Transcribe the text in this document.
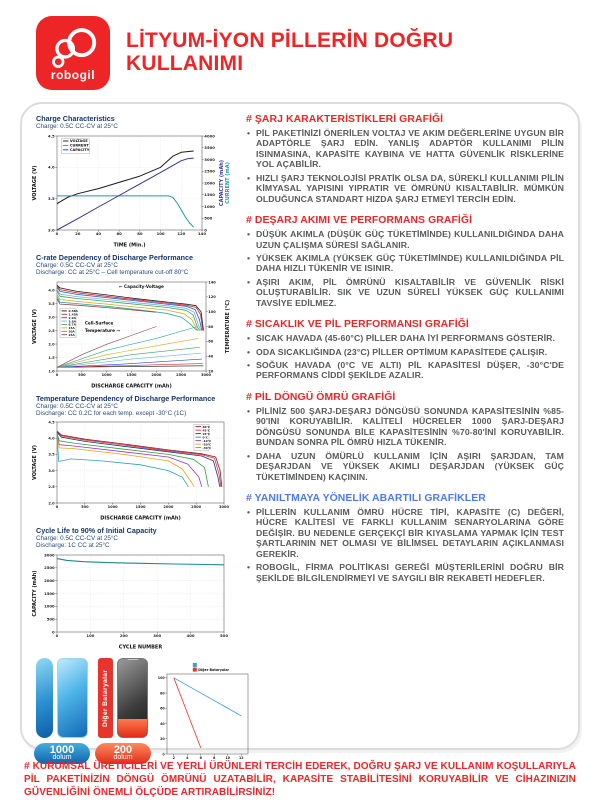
robogil
LİTYUM-İYON PİLLERİN DOĞRU
KULLANIMI
Charge Characteristics
Charge: 0.5C CC-CV at 25°C
0	20	40	60	80	100	120	140
3.0
3.5
4.0
4.5
0
500
1000
1500
2000
2500
3000
3500
4000
TIME (Min.)
VOLTAGE (V)	CAPACITY (mAh) CURRENT (mA)
VOLTAGE
CURRENT
CAPACITY
C-rate Dependency of Discharge Performance
Charge: 0.5C CC-CV at 25°C
Discharge: CC at 25°C – Cell temperature cut-off 80°C
0	500	1000	1500	2000	2500	3000
1.0
1.5
2.0
2.5
3.0
3.5
4.0
20
40
60
80
100
120
140
DISCHARGE CAPACITY (mAh)
VOLTAGE (V)	TEMPERATURE (°C)
0.58A
1.45A
2.9A
5.8A
8.7A
15A
20A
25A
← Capacity-Voltage
Cell-Surface
Temperature →
Temperature Dependency of Discharge Performance
Charge: 0.5C CC-CV at 25°C
Discharge: CC 0.2C for each temp. except -30°C (1C)
0	500	1000	1500	2000	2500	3000
2.0
2.5
3.0
3.5
4.0
4.5
DISCHARGE CAPACITY (mAh)
VOLTAGE (V)
60°C
45°C
25°C
0°C
-10°C
-20°C
-30°C
Cycle Life to 90% of Initial Capacity
Charge: 0.5C CC-CV at 25°C
Discharge: 1C CC at 25°C
0	100	200	300	400	500
0
500
1000
1500
2000
2500
3000
CYCLE NUMBER
CAPACITY (mAh)
1000
dolum
Diğer Bataryalar
200
dolum	2	4	6	8	10	12
0
20
40
60
80
100
Diğer Bataryalar
# ŞARJ KARAKTERİSTİKLERİ GRAFİĞİ
• PİL PAKETİNİZİ ÖNERİLEN VOLTAJ VE AKIM DEĞERLERİNE UYGUN BİR ADAPTÖRLE ŞARJ EDİN. YANLIŞ ADAPTÖR KULLANIMI PİLİN ISINMASINA, KAPASİTE KAYBINA VE HATTA GÜVENLİK RİSKLERİNE YOL AÇABİLİR.
• HIZLI ŞARJ TEKNOLOJİSİ PRATİK OLSA DA, SÜREKLİ KULLANIMI PİLİN KİMYASAL YAPISINI YIPRATIR VE ÖMRÜNÜ KISALTABİLİR. MÜMKÜN OLDUĞUNCA STANDART HIZDA ŞARJ ETMEYİ TERCİH EDİN.
# DEŞARJ AKIMI VE PERFORMANS GRAFİĞİ
• DÜŞÜK AKIMLA (DÜŞÜK GÜÇ TÜKETİMİNDE) KULLANILDIĞINDA DAHA UZUN ÇALIŞMA SÜRESİ SAĞLANIR.
• YÜKSEK AKIMLA (YÜKSEK GÜÇ TÜKETİMİNDE) KULLANILDIĞINDA PİL DAHA HIZLI TÜKENİR VE ISINIR.
• AŞIRI AKIM, PİL ÖMRÜNÜ KISALTABİLİR VE GÜVENLİK RİSKİ OLUŞTURABİLİR. SIK VE UZUN SÜRELİ YÜKSEK GÜÇ KULLANIMI TAVSİYE EDİLMEZ.
# SICAKLIK VE PİL PERFORMANSI GRAFİĞİ
• SICAK HAVADA (45-60°C) PİLLER DAHA İYİ PERFORMANS GÖSTERİR.
• ODA SICAKLIĞINDA (23°C) PİLLER OPTİMUM KAPASİTEDE ÇALIŞIR.
• SOĞUK HAVADA (0°C VE ALTI) PİL KAPASİTESİ DÜŞER, -30°C'DE PERFORMANS CİDDİ ŞEKİLDE AZALIR.
# PİL DÖNGÜ ÖMRÜ GRAFİĞİ
• PİLİNİZ 500 ŞARJ-DEŞARJ DÖNGÜSÜ SONUNDA KAPASİTESİNİN %85-90'INI KORUYABİLİR. KALİTELİ HÜCRELER 1000 ŞARJ-DEŞARJ DÖNGÜSÜ SONUNDA BİLE KAPASİTESİNİN %70-80'İNİ KORUYABİLİR. BUNDAN SONRA PİL ÖMRÜ HIZLA TÜKENİR.
• DAHA UZUN ÖMÜRLÜ KULLANIM İÇİN AŞIRI ŞARJDAN, TAM DEŞARJDAN VE YÜKSEK AKIMLI DEŞARJDAN (YÜKSEK GÜÇ TÜKETİMİNDEN) KAÇININ.
# YANILTMAYA YÖNELİK ABARTILI GRAFİKLER
• PİLLERİN KULLANIM ÖMRÜ HÜCRE TİPİ, KAPASİTE (C) DEĞERİ, HÜCRE KALİTESİ VE FARKLI KULLANIM SENARYOLARINA GÖRE DEĞİŞİR. BU NEDENLE GERÇEKÇİ BİR KIYASLAMA YAPMAK İÇİN TEST ŞARTLARININ NET OLMASI VE BİLİMSEL DETAYLARIN AÇIKLANMASI GEREKİR.
• ROBOGİL, FİRMA POLİTİKASI GEREĞİ MÜŞTERİLERİNİ DOĞRU BİR ŞEKİLDE BİLGİLENDİRMEYİ VE SAYGILI BİR REKABETİ HEDEFLER.

# KURUMSAL ÜRETİCİLERİ VE YERLİ ÜRÜNLERİ TERCİH EDEREK, DOĞRU ŞARJ VE KULLANIM KOŞULLARIYLA PİL PAKETİNİZİN DÖNGÜ ÖMRÜNÜ UZATABİLİR, KAPASİTE STABİLİTESİNİ KORUYABİLİR VE CİHAZINIZIN GÜVENLİĞİNİ ÖNEMLİ ÖLÇÜDE ARTIRABİLİRSİNİZ!
